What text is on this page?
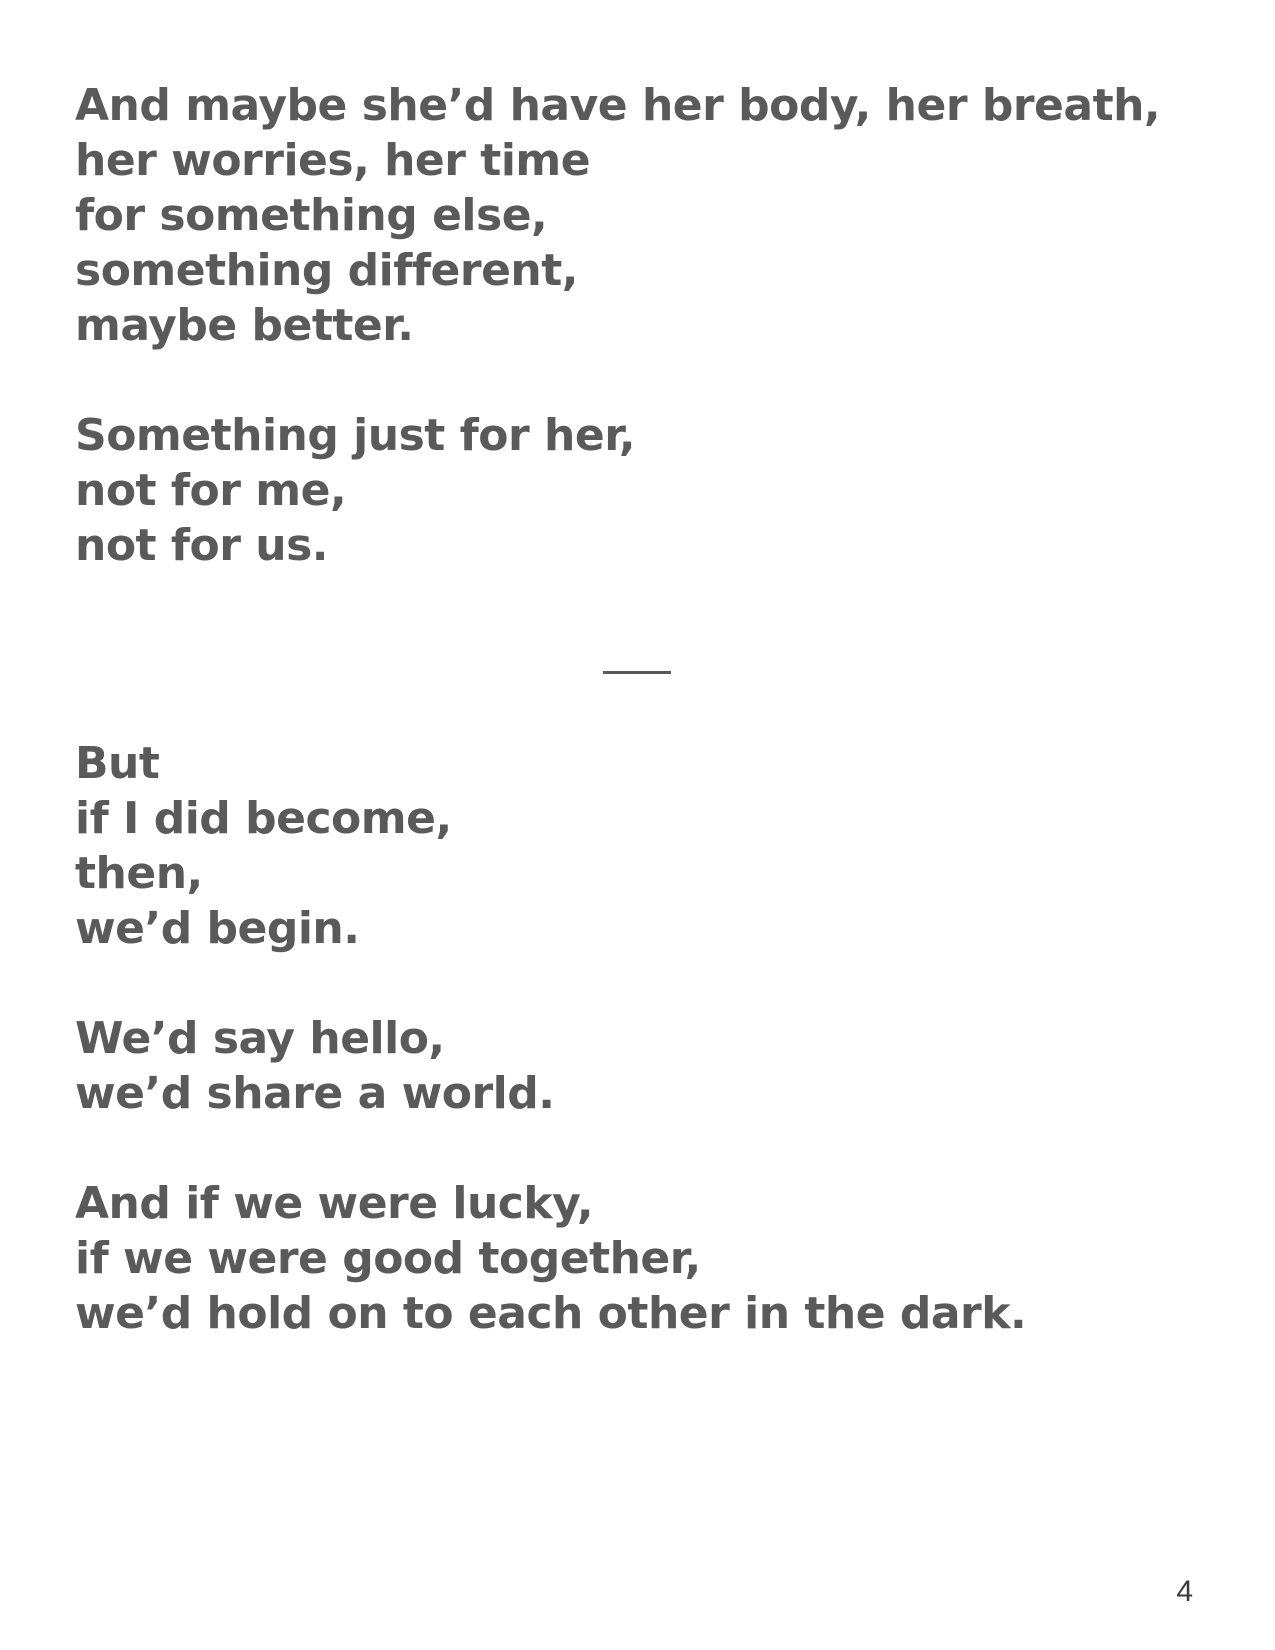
And maybe she’d have her body, her breath,
her worries, her time
for something else,
something different,
maybe better.
Something just for her,
not for me,
not for us.
But
if I did become,
then,
we’d begin.
We’d say hello,
we’d share a world.
And if we were lucky,
if we were good together,
we’d hold on to each other in the dark.
4
